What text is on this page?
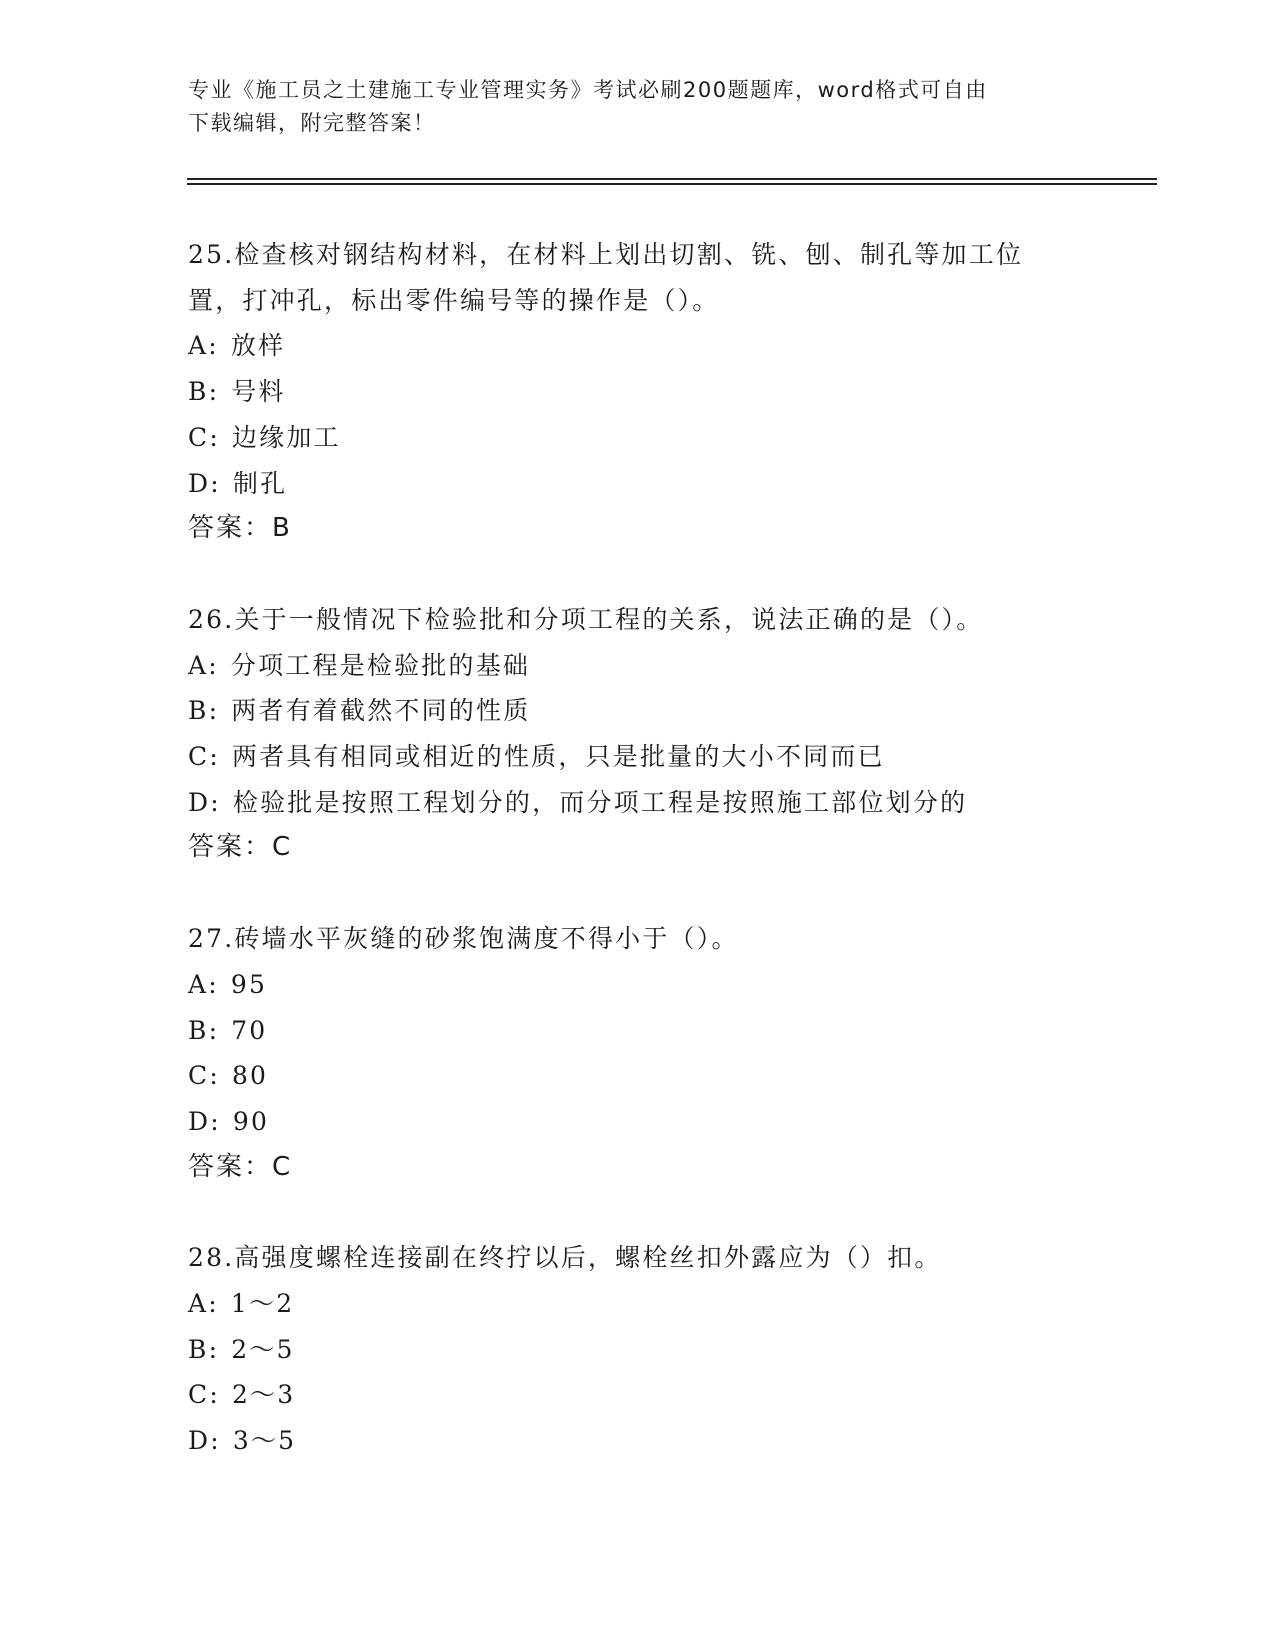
专业《施工员之土建施工专业管理实务》考试必刷200题题库，word格式可自由
下载编辑，附完整答案！
25.检查核对钢结构材料，在材料上划出切割、铣、刨、制孔等加工位
置，打冲孔，标出零件编号等的操作是（）。
A: 放样
B: 号料
C: 边缘加工
D: 制孔
答案：B
26.关于一般情况下检验批和分项工程的关系，说法正确的是（）。
A: 分项工程是检验批的基础
B: 两者有着截然不同的性质
C: 两者具有相同或相近的性质，只是批量的大小不同而已
D: 检验批是按照工程划分的，而分项工程是按照施工部位划分的
答案：C
27.砖墙水平灰缝的砂浆饱满度不得小于（）。
A: 95
B: 70
C: 80
D: 90
答案：C
28.高强度螺栓连接副在终拧以后，螺栓丝扣外露应为（）扣。
A: 1～2
B: 2～5
C: 2～3
D: 3～5
